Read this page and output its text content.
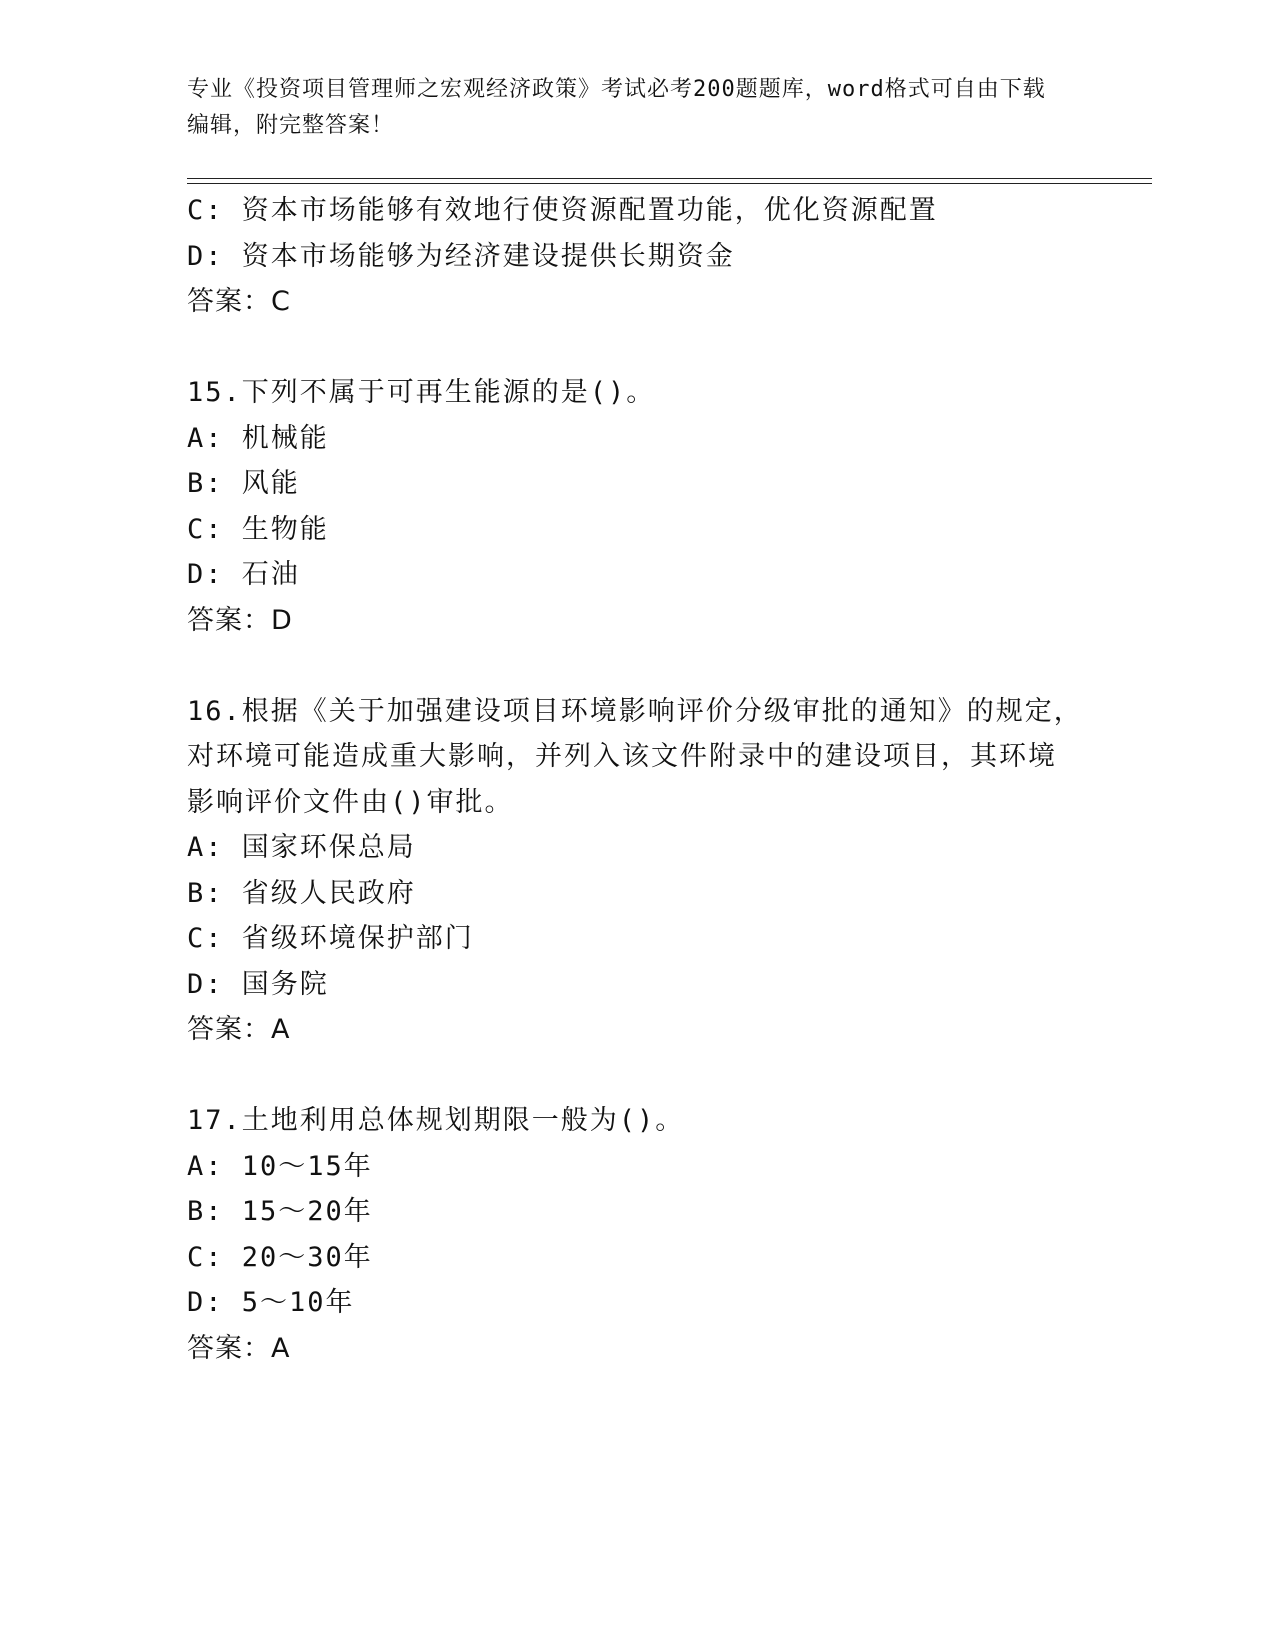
专业《投资项目管理师之宏观经济政策》考试必考200题题库，word格式可自由下载编辑，附完整答案！
C: 资本市场能够有效地行使资源配置功能，优化资源配置
D: 资本市场能够为经济建设提供长期资金
答案：C
15.下列不属于可再生能源的是()。
A: 机械能
B: 风能
C: 生物能
D: 石油
答案：D
16.根据《关于加强建设项目环境影响评价分级审批的通知》的规定，
对环境可能造成重大影响，并列入该文件附录中的建设项目，其环境
影响评价文件由()审批。
A: 国家环保总局
B: 省级人民政府
C: 省级环境保护部门
D: 国务院
答案：A
17.土地利用总体规划期限一般为()。
A: 10～15年
B: 15～20年
C: 20～30年
D: 5～10年
答案：A
